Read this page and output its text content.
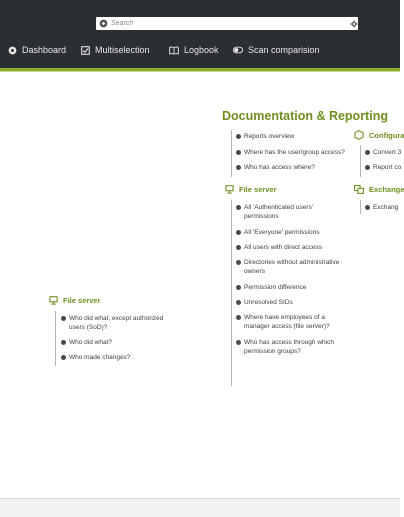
Search
Dashboard	Multiselection	Logbook	Scan comparision
Documentation & Reporting
Reports overview
Where has the user/group access?
Who has access where?
File server
All 'Authenticated users' permissions
All 'Everyone' permissions
All users with direct access
Directories without administrative owners
Permission difference
Unresolved SIDs
Where have employees of a manager access (file server)?
Who has access through which permission groups?
Configura
Convert 3
Report co
Exchange
Exchang
File server
Who did what, except authorized users (SoD)?
Who did what?
Who made changes?
